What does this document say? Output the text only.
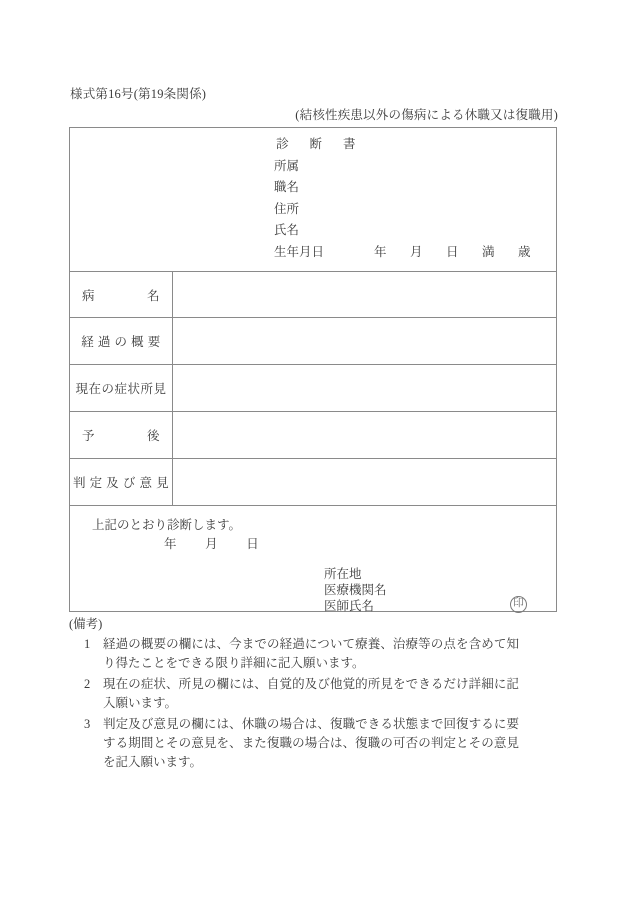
様式第16号(第19条関係)
(結核性疾患以外の傷病による休職又は復職用)
診 断 書
所属
職名
住所
氏名
生年月日	年	月	日	満	歳
病　　　　名
経 過 の 概 要
現在の症状所見
予　　　　後
判 定 及 び 意 見
上記のとおり診断します。
年 月 日
所在地
医療機関名
医師氏名	印
(備考)
1	経過の概要の欄には、今までの経過について療養、治療等の点を含めて知り得たことをできる限り詳細に記入願います。
2	現在の症状、所見の欄には、自覚的及び他覚的所見をできるだけ詳細に記入願います。
3	判定及び意見の欄には、休職の場合は、復職できる状態まで回復するに要する期間とその意見を、また復職の場合は、復職の可否の判定とその意見を記入願います。
